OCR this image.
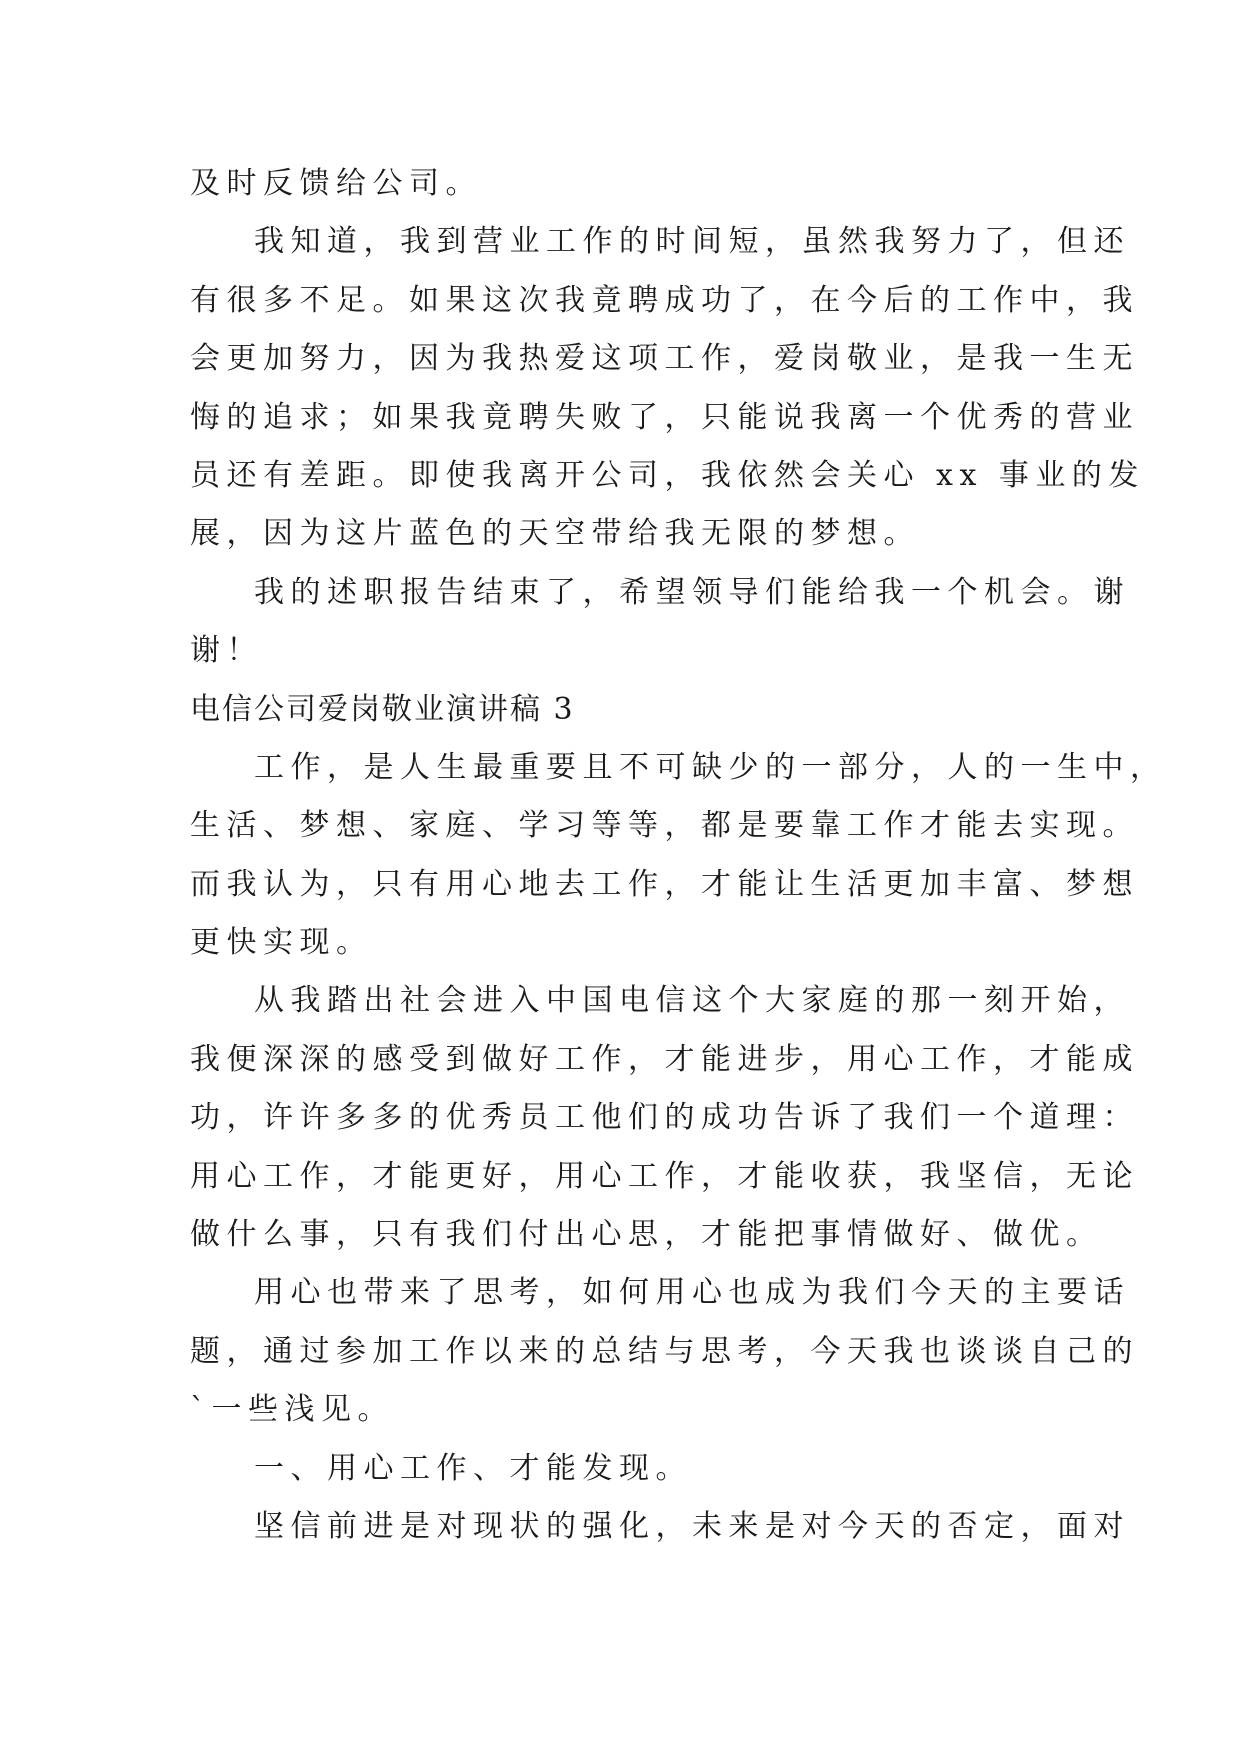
及时反馈给公司。
我知道，我到营业工作的时间短，虽然我努力了，但还
有很多不足。如果这次我竟聘成功了，在今后的工作中，我
会更加努力，因为我热爱这项工作，爱岗敬业，是我一生无
悔的追求；如果我竟聘失败了，只能说我离一个优秀的营业
员还有差距。即使我离开公司，我依然会关心 xx 事业的发
展，因为这片蓝色的天空带给我无限的梦想。
我的述职报告结束了，希望领导们能给我一个机会。谢
谢！
电信公司爱岗敬业演讲稿 3
工作，是人生最重要且不可缺少的一部分，人的一生中，
生活、梦想、家庭、学习等等，都是要靠工作才能去实现。
而我认为，只有用心地去工作，才能让生活更加丰富、梦想
更快实现。
从我踏出社会进入中国电信这个大家庭的那一刻开始，
我便深深的感受到做好工作，才能进步，用心工作，才能成
功，许许多多的优秀员工他们的成功告诉了我们一个道理：
用心工作，才能更好，用心工作，才能收获，我坚信，无论
做什么事，只有我们付出心思，才能把事情做好、做优。
用心也带来了思考，如何用心也成为我们今天的主要话
题，通过参加工作以来的总结与思考，今天我也谈谈自己的
`一些浅见。
一、用心工作、才能发现。
坚信前进是对现状的强化，未来是对今天的否定，面对
